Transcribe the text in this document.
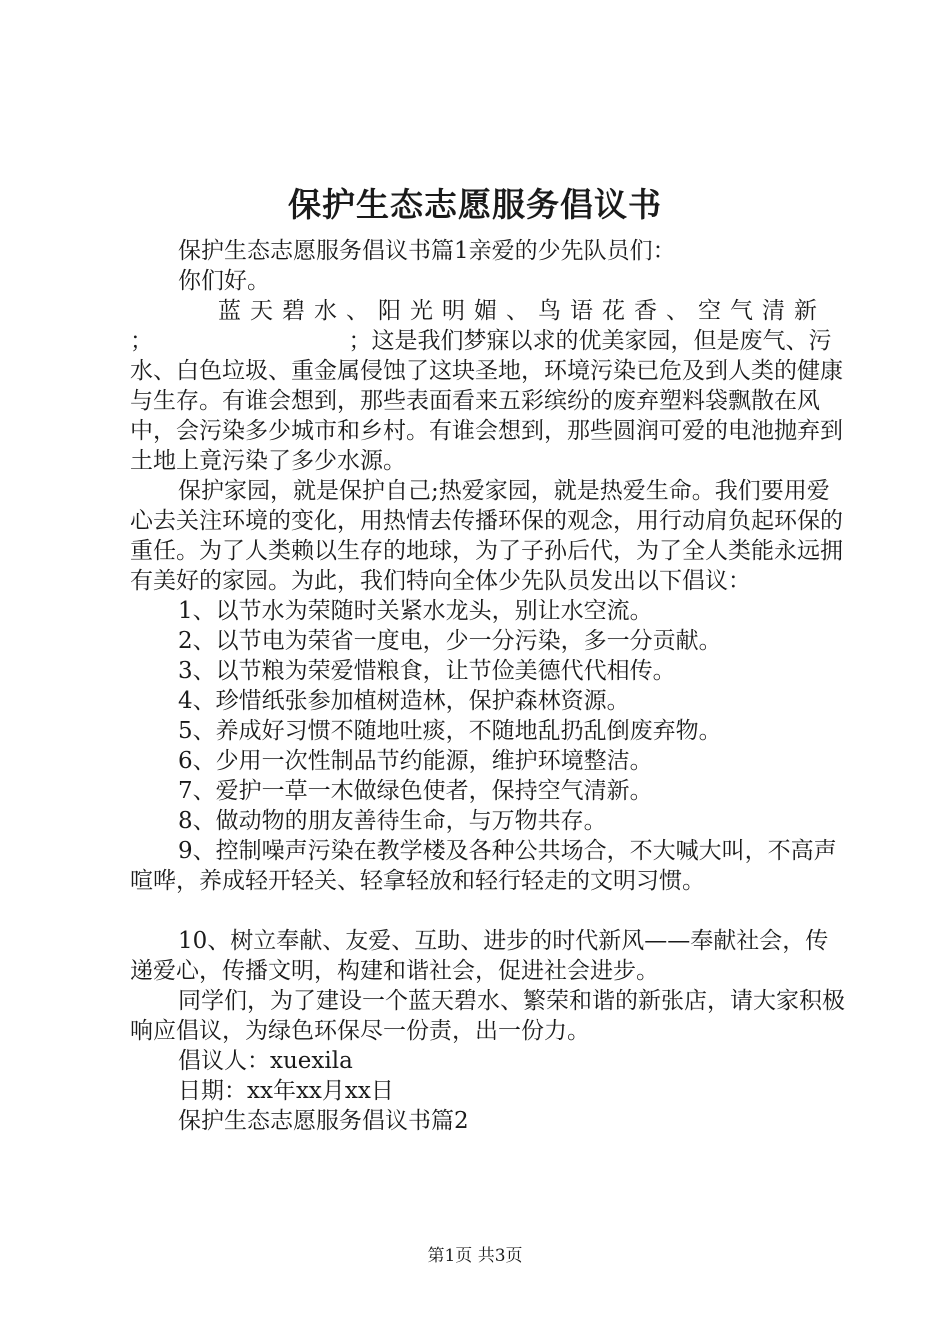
保护生态志愿服务倡议书

保护生态志愿服务倡议书篇1亲爱的少先队员们：

你们好。

蓝天碧水、阳光明媚、鸟语花香、空气清新

；　　　　　　　　　；这是我们梦寐以求的优美家园，但是废气、污水、白色垃圾、重金属侵蚀了这块圣地，环境污染已危及到人类的健康与生存。有谁会想到，那些表面看来五彩缤纷的废弃塑料袋飘散在风中，会污染多少城市和乡村。有谁会想到，那些圆润可爱的电池抛弃到土地上竟污染了多少水源。

保护家园，就是保护自己;热爱家园，就是热爱生命。我们要用爱心去关注环境的变化，用热情去传播环保的观念，用行动肩负起环保的重任。为了人类赖以生存的地球，为了子孙后代，为了全人类能永远拥有美好的家园。为此，我们特向全体少先队员发出以下倡议：

1、以节水为荣随时关紧水龙头，别让水空流。

2、以节电为荣省一度电，少一分污染，多一分贡献。

3、以节粮为荣爱惜粮食，让节俭美德代代相传。

4、珍惜纸张参加植树造林，保护森林资源。

5、养成好习惯不随地吐痰，不随地乱扔乱倒废弃物。

6、少用一次性制品节约能源，维护环境整洁。

7、爱护一草一木做绿色使者，保持空气清新。

8、做动物的朋友善待生命，与万物共存。

9、控制噪声污染在教学楼及各种公共场合，不大喊大叫，不高声喧哗，养成轻开轻关、轻拿轻放和轻行轻走的文明习惯。

10、树立奉献、友爱、互助、进步的时代新风——奉献社会，传递爱心，传播文明，构建和谐社会，促进社会进步。

同学们，为了建设一个蓝天碧水、繁荣和谐的新张店，请大家积极响应倡议，为绿色环保尽一份责，出一份力。

倡议人：xuexila

日期：xx年xx月xx日

保护生态志愿服务倡议书篇2

第1页 共3页
